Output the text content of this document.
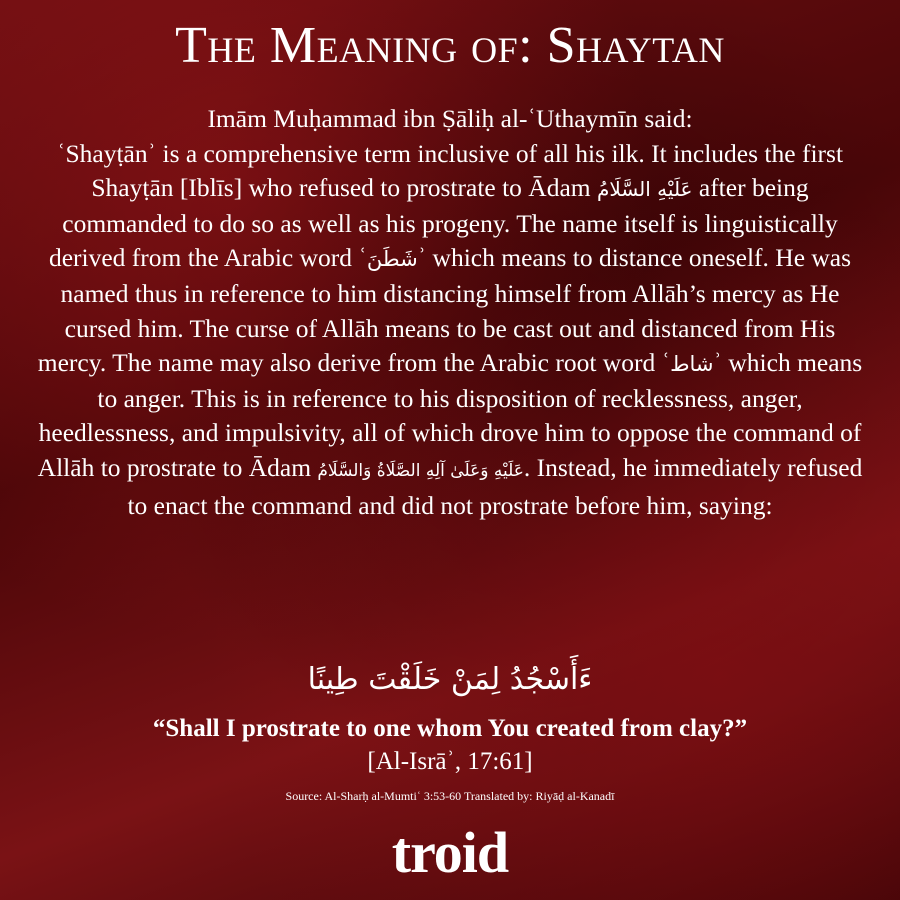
The Meaning of: Shaytan
Imām Muḥammad ibn Ṣāliḥ al-ʿUthaymīn said:
ʿShayṭānʾ is a comprehensive term inclusive of all his ilk. It includes the first Shayṭān [Iblīs] who refused to prostrate to Ādam عَلَيْهِ السَّلَامُ after being commanded to do so as well as his progeny. The name itself is linguistically derived from the Arabic word ʿشَطَنَʾ which means to distance oneself. He was named thus in reference to him distancing himself from Allāh’s mercy as He cursed him. The curse of Allāh means to be cast out and distanced from His mercy. The name may also derive from the Arabic root word ʿشاطʾ which means to anger. This is in reference to his disposition of recklessness, anger, heedlessness, and impulsivity, all of which drove him to oppose the command of Allāh to prostrate to Ādam عَلَيْهِ وَعَلَىٰ آلِهِ الصَّلَاةُ وَالسَّلَامُ. Instead, he immediately refused to enact the command and did not prostrate before him, saying:
ءَأَسْجُدُ لِمَنْ خَلَقْتَ طِينًا
“Shall I prostrate to one whom You created from clay?”
[Al-Isrāʾ, 17:61]
Source: Al-Sharḥ al-Mumtiʿ 3:53-60 Translated by: Riyāḍ al-Kanadī
troid
